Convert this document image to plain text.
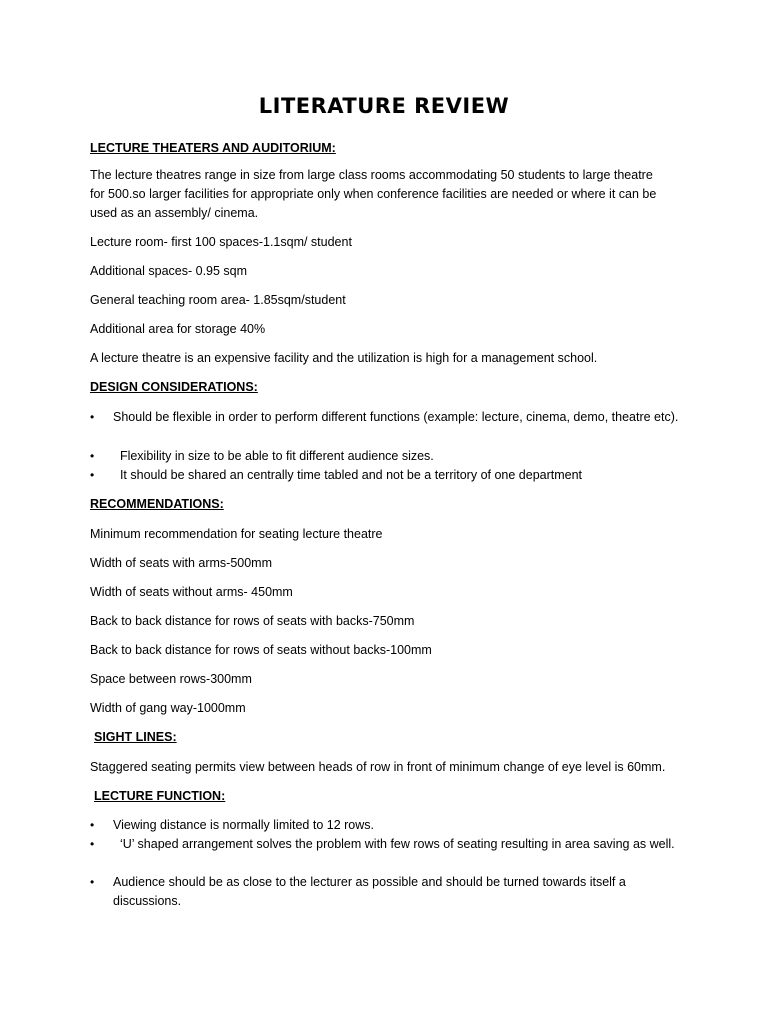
LITERATURE REVIEW
LECTURE THEATERS AND AUDITORIUM:
The lecture theatres range in size from large class rooms accommodating 50 students to large theatre
for 500.so larger facilities for appropriate only when conference facilities are needed or where it can be
used as an assembly/ cinema.
Lecture room- first 100 spaces-1.1sqm/ student
Additional spaces- 0.95 sqm
General teaching room area- 1.85sqm/student
Additional area for storage 40%
A lecture theatre is an expensive facility and the utilization is high for a management school.
DESIGN CONSIDERATIONS:
• Should be flexible in order to perform different functions (example: lecture, cinema, demo, theatre etc).
• Flexibility in size to be able to fit different audience sizes.
• It should be shared an centrally time tabled and not be a territory of one department
RECOMMENDATIONS:
Minimum recommendation for seating lecture theatre
Width of seats with arms-500mm
Width of seats without arms- 450mm
Back to back distance for rows of seats with backs-750mm
Back to back distance for rows of seats without backs-100mm
Space between rows-300mm
Width of gang way-1000mm
SIGHT LINES:
Staggered seating permits view between heads of row in front of minimum change of eye level is 60mm.
LECTURE FUNCTION:
• Viewing distance is normally limited to 12 rows.
• ‘U’ shaped arrangement solves the problem with few rows of seating resulting in area saving as well.
• Audience should be as close to the lecturer as possible and should be turned towards itself a discussions.
